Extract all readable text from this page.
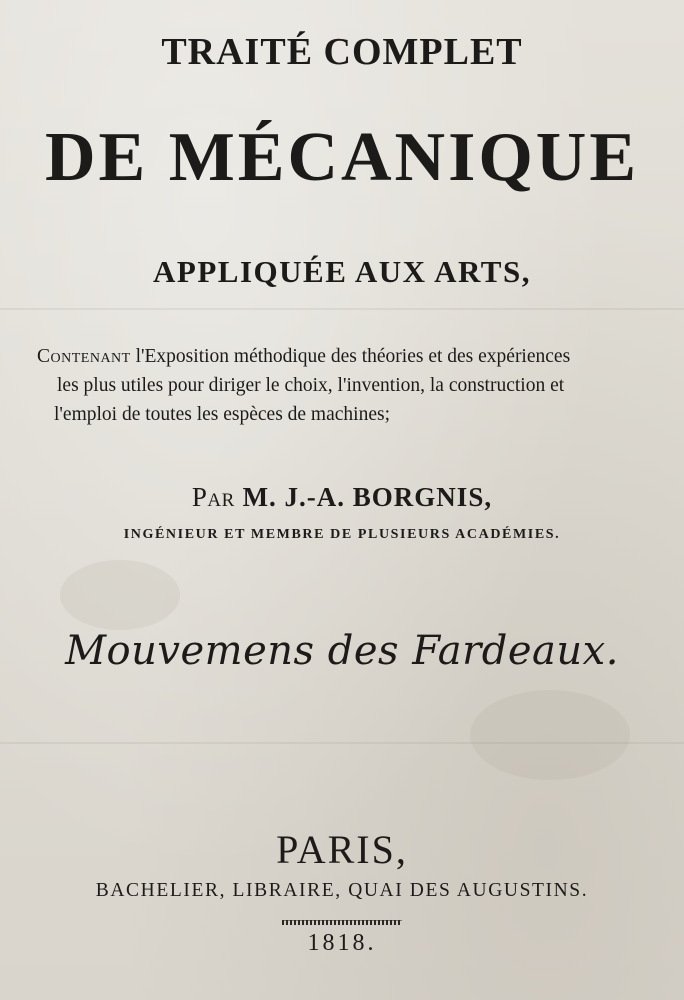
TRAITÉ COMPLET
DE MÉCANIQUE
APPLIQUÉE AUX ARTS,
Contenant l'Exposition méthodique des théories et des expériences
les plus utiles pour diriger le choix, l'invention, la construction et
l'emploi de toutes les espèces de machines;
Par M. J.-A. BORGNIS,
INGÉNIEUR ET MEMBRE DE PLUSIEURS ACADÉMIES.
Mouvemens des Fardeaux.
PARIS,
BACHELIER, LIBRAIRE, QUAI DES AUGUSTINS.
1818.
